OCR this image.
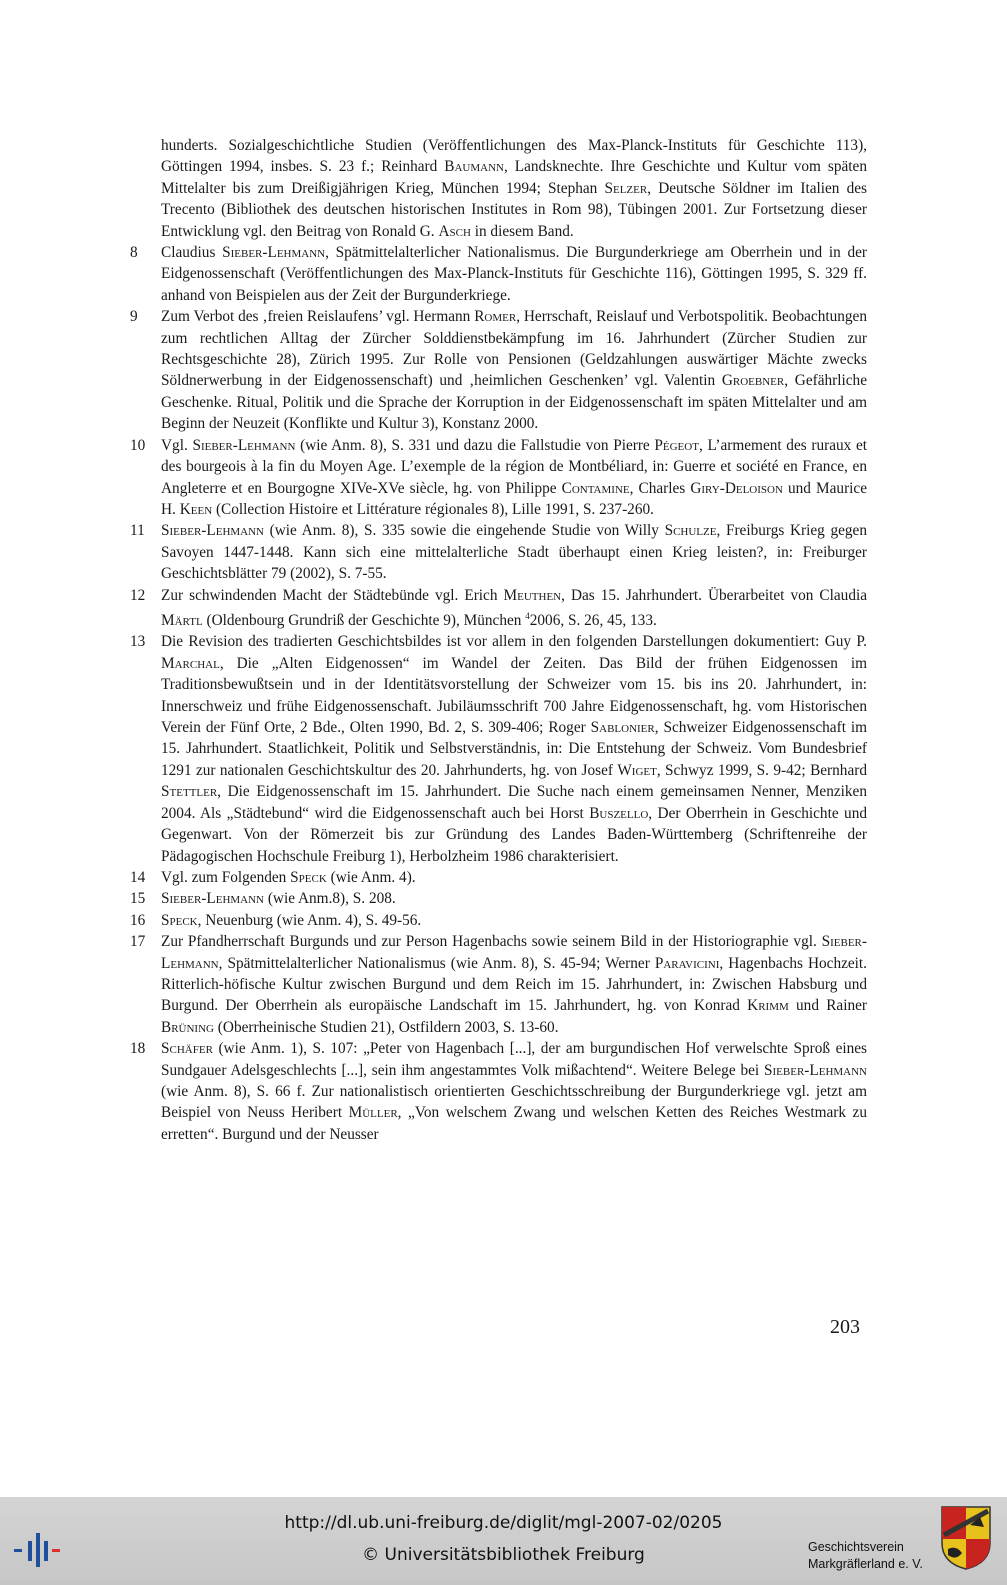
hunderts. Sozialgeschichtliche Studien (Veröffentlichungen des Max-Planck-Instituts für Geschichte 113), Göttingen 1994, insbes. S. 23 f.; Reinhard Baumann, Landsknechte. Ihre Geschichte und Kultur vom späten Mittelalter bis zum Dreißigjährigen Krieg, München 1994; Stephan Selzer, Deutsche Söldner im Italien des Trecento (Bibliothek des deutschen historischen Institutes in Rom 98), Tübingen 2001. Zur Fortsetzung dieser Entwicklung vgl. den Beitrag von Ronald G. Asch in diesem Band.
8	Claudius Sieber-Lehmann, Spätmittelalterlicher Nationalismus. Die Burgunderkriege am Oberrhein und in der Eidgenossenschaft (Veröffentlichungen des Max-Planck-Instituts für Geschichte 116), Göttingen 1995, S. 329 ff. anhand von Beispielen aus der Zeit der Burgunderkriege.
9	Zum Verbot des ‚freien Reislaufens’ vgl. Hermann Romer, Herrschaft, Reislauf und Verbotspolitik. Beobachtungen zum rechtlichen Alltag der Zürcher Solddienstbekämpfung im 16. Jahrhundert (Zürcher Studien zur Rechtsgeschichte 28), Zürich 1995. Zur Rolle von Pensionen (Geldzahlungen auswärtiger Mächte zwecks Söldnerwerbung in der Eidgenossenschaft) und ‚heimlichen Geschenken’ vgl. Valentin Groebner, Gefährliche Geschenke. Ritual, Politik und die Sprache der Korruption in der Eidgenossenschaft im späten Mittelalter und am Beginn der Neuzeit (Konflikte und Kultur 3), Konstanz 2000.
10	Vgl. Sieber-Lehmann (wie Anm. 8), S. 331 und dazu die Fallstudie von Pierre Pégeot, L’armement des ruraux et des bourgeois à la fin du Moyen Age. L’exemple de la région de Montbéliard, in: Guerre et société en France, en Angleterre et en Bourgogne XIVe-XVe siècle, hg. von Philippe Contamine, Charles Giry-Deloison und Maurice H. Keen (Collection Histoire et Littérature régionales 8), Lille 1991, S. 237-260.
11	Sieber-Lehmann (wie Anm. 8), S. 335 sowie die eingehende Studie von Willy Schulze, Freiburgs Krieg gegen Savoyen 1447-1448. Kann sich eine mittelalterliche Stadt überhaupt einen Krieg leisten?, in: Freiburger Geschichtsblätter 79 (2002), S. 7-55.
12	Zur schwindenden Macht der Städtebünde vgl. Erich Meuthen, Das 15. Jahrhundert. Überarbeitet von Claudia Märtl (Oldenbourg Grundriß der Geschichte 9), München $^4$2006, S. 26, 45, 133.
13	Die Revision des tradierten Geschichtsbildes ist vor allem in den folgenden Darstellungen dokumentiert: Guy P. Marchal, Die „Alten Eidgenossen“ im Wandel der Zeiten. Das Bild der frühen Eidgenossen im Traditionsbewußtsein und in der Identitätsvorstellung der Schweizer vom 15. bis ins 20. Jahrhundert, in: Innerschweiz und frühe Eidgenossenschaft. Jubiläumsschrift 700 Jahre Eidgenossenschaft, hg. vom Historischen Verein der Fünf Orte, 2 Bde., Olten 1990, Bd. 2, S. 309-406; Roger Sablonier, Schweizer Eidgenossenschaft im 15. Jahrhundert. Staatlichkeit, Politik und Selbstverständnis, in: Die Entstehung der Schweiz. Vom Bundesbrief 1291 zur nationalen Geschichtskultur des 20. Jahrhunderts, hg. von Josef Wiget, Schwyz 1999, S. 9-42; Bernhard Stettler, Die Eidgenossenschaft im 15. Jahrhundert. Die Suche nach einem gemeinsamen Nenner, Menziken 2004. Als „Städtebund“ wird die Eidgenossenschaft auch bei Horst Buszello, Der Oberrhein in Geschichte und Gegenwart. Von der Römerzeit bis zur Gründung des Landes Baden-Württemberg (Schriftenreihe der Pädagogischen Hochschule Freiburg 1), Herbolzheim 1986 charakterisiert.
14	Vgl. zum Folgenden Speck (wie Anm. 4).
15	Sieber-Lehmann (wie Anm.8), S. 208.
16	Speck, Neuenburg (wie Anm. 4), S. 49-56.
17	Zur Pfandherrschaft Burgunds und zur Person Hagenbachs sowie seinem Bild in der Historiographie vgl. Sieber-Lehmann, Spätmittelalterlicher Nationalismus (wie Anm. 8), S. 45-94; Werner Paravicini, Hagenbachs Hochzeit. Ritterlich-höfische Kultur zwischen Burgund und dem Reich im 15. Jahrhundert, in: Zwischen Habsburg und Burgund. Der Oberrhein als europäische Landschaft im 15. Jahrhundert, hg. von Konrad Krimm und Rainer Brüning (Oberrheinische Studien 21), Ostfildern 2003, S. 13-60.
18	Schäfer (wie Anm. 1), S. 107: „Peter von Hagenbach [...], der am burgundischen Hof verwelschte Sproß eines Sundgauer Adelsgeschlechts [...], sein ihm angestammtes Volk mißachtend“. Weitere Belege bei Sieber-Lehmann (wie Anm. 8), S. 66 f. Zur nationalistisch orientierten Geschichtsschreibung der Burgunderkriege vgl. jetzt am Beispiel von Neuss Heribert Müller, „Von welschem Zwang und welschen Ketten des Reiches Westmark zu erretten“. Burgund und der Neusser
203
http://dl.ub.uni-freiburg.de/diglit/mgl-2007-02/0205
© Universitätsbibliothek Freiburg	Geschichtsverein
Markgräflerland e. V.
